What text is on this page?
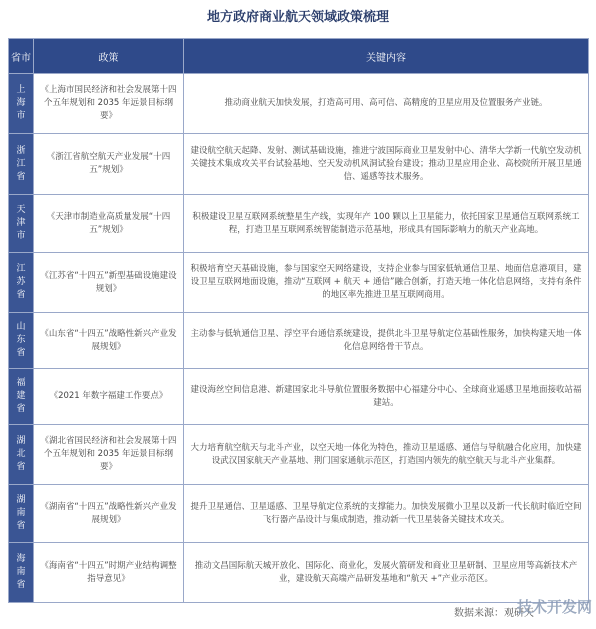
地方政府商业航天领域政策梳理
省市	政策	关键内容
上海市	《上海市国民经济和社会发展第十四个五年规划和 2035 年远景目标纲要》	推动商业航天加快发展，打造高可用、高可信、高精度的卫星应用及位置服务产业链。
浙江省	《浙江省航空航天产业发展“十四五”规划》	建设航空航天起降、发射、测试基础设施，推进宁波国际商业卫星发射中心、清华大学新一代航空发动机关键技术集成攻关平台试验基地、空天发动机风洞试验台建设；推动卫星应用企业、高校院所开展卫星通信、遥感等技术服务。
天津市	《天津市制造业高质量发展“十四五”规划》	积极建设卫星互联网系统整星生产线，实现年产 100 颗以上卫星能力，依托国家卫星通信互联网系统工程，打造卫星互联网系统智能制造示范基地，形成具有国际影响力的航天产业高地。
江苏省	《江苏省“十四五”新型基础设施建设规划》	积极培育空天基础设施，参与国家空天网络建设，支持企业参与国家低轨通信卫星、地面信息港项目，建设卫星互联网地面设施，推动“互联网 + 航天 + 通信”融合创新，打造天地一体化信息网络，支持有条件的地区率先推进卫星互联网商用。
山东省	《山东省“十四五”战略性新兴产业发展规划》	主动参与低轨通信卫星、浮空平台通信系统建设，提供北斗卫星导航定位基础性服务，加快构建天地一体化信息网络骨干节点。
福建省	《2021 年数字福建工作要点》	建设海丝空间信息港、新建国家北斗导航位置服务数据中心福建分中心、全球商业遥感卫星地面接收站福建站。
湖北省	《湖北省国民经济和社会发展第十四个五年规划和 2035 年远景目标纲要》	大力培育航空航天与北斗产业，以空天地一体化为特色，推动卫星遥感、通信与导航融合化应用，加快建设武汉国家航天产业基地、荆门国家通航示范区，打造国内领先的航空航天与北斗产业集群。
湖南省	《湖南省“十四五”战略性新兴产业发展规划》	提升卫星通信、卫星遥感、卫星导航定位系统的支撑能力。加快发展微小卫星以及新一代长航时临近空间飞行器产品设计与集成制造，推动新一代卫星装备关键技术攻关。
海南省	《海南省“十四五”时期产业结构调整指导意见》	推动文昌国际航天城开放化、国际化、商业化，发展火箭研发和商业卫星研制、卫星应用等高新技术产业，建设航天高端产品研发基地和“航天 +”产业示范区。
数据来源：观研天
技术开发网
